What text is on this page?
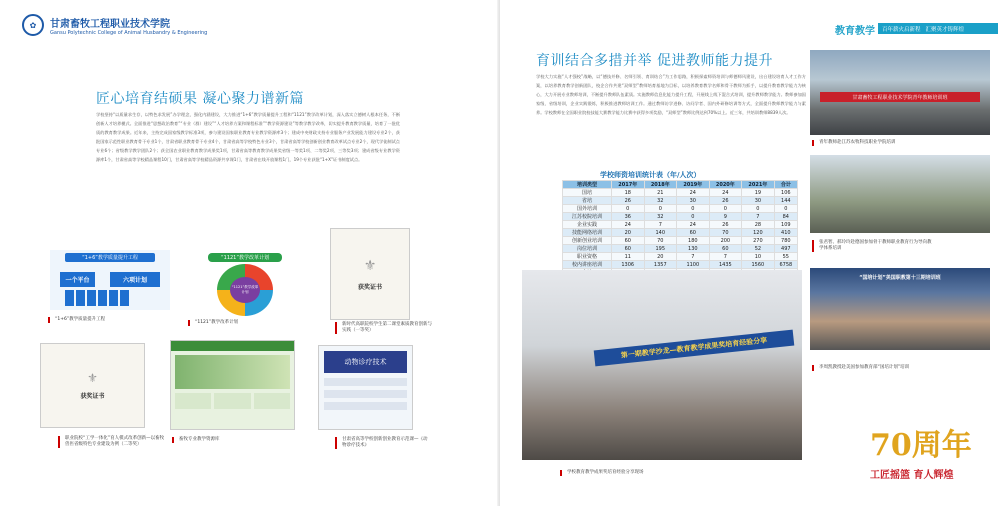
✿	甘肃畜牧工程职业技术学院
Gansu Polytechnic College of Animal Husbandry & Engineering
匠心培育结硕果 凝心聚力谱新篇
学校坚持“以质量求生存，以特色求发展”办学理念，强化内涵建设，大力推进“1+6”教学质量提升工程和“1121”教学改革计划，深入落实立德树人根本任务，不断创新人才培养模式。全面推进“思想政治教育”“专业（群）建设”“人才培养方案和课程标准”“教学资源建设”等教学教学改革，切实提升教育教学质量，培育了一批优质的教育教学成果。近年来，主持完成国家级教学标准3项，参与建设国家职业教育专业教学资源库3个；建成中央财政支持专业服务产业发展能力建设专业2个，获批国家示范性职业教育骨干专业1个，甘肃省职业教育骨干专业4个，甘肃省高等学校特色专业3个，甘肃省高等学校创新创业教育改革试点专业2个，现代学徒制试点专业6个；省级教学教学团队2个；获全国农业职业教育教学成果奖1项，甘肃省高等教育教学成果奖省级一等奖1项、二等奖2项、三等奖3项；建成省级专业教学资源库1个，甘肃省高等学校精品课程10门，甘肃省高等学校精品资源共享课1门，甘肃省在线开放课程1门，19个专业获批“1+X”证书制度试点。
“1+6”教学质量提升工程
一个平台	六项计划
“1+6”教学质量提升工程
“1121”教学改革计划
“1121”教学改革计划
“1121”教学改革计划
⚜
获奖证书
新时代高职院校学生第二课堂素质教育创新与实践（一等奖）
⚜
获奖证书
职业院校“工学一体化”育人模式改革创新—以畜牧兽医省级特色专业建设为例（二等奖）
畜牧专业教学资源库
动物诊疗技术
甘肃省高等学校创新创业教育示范课—《动物诊疗技术》
教育教学 百年薪火启新程 汇聚英才铸辉煌
育训结合多措并举 促进教师能力提升
学校大力实施“人才强校”战略，以“德技并修、名师引领、育训结合”为工作思路，积极探索师资培训与师德师风建设，出台建设培育人才工作方案，以培养教育教学创新团队，校企合作共建“双师型”教师培育基地为目标，以培养教育教学名师和骨干教师为抓手，以提升教育教学能力为核心，大力开展专业教师培训，不断提升教师队伍素质。实施教师信息化能力提升工程，开展线上线下混合式培训，提升教师教学能力。教师参加国家级、省级培训，企业实践锻炼，积极推进教师培训工作。通过教师访学进修、访问学者、国内外研修培训等方式，全面提升教师教学能力与素养。学校教师在全国职业院校技能大赛教学能力比赛中获得多项奖励，“双师型”教师比例达到70%以上。近三年，共培训教师8839人次。
学校师资培训统计表（年/人次）
培训类型	2017年	2018年	2019年	2020年	2021年	合计
国培	18	21	24	24	19	106
省培	26	32	30	26	30	144
国外培训	0	0	0	0	0	0
江苏校院培训	36	32	0	9	7	84
企业实践	24	7	24	26	28	109
技能网络培训	20	140	60	70	120	410
创新创业培训	60	70	180	200	270	780
岗位培训	60	195	130	60	52	497
职业资格	11	20	7	7	10	55
校内讲座培训	1306	1357	1100	1435	1560	6758

甘肃畜牧工程职业技术学院青年教师培训班
青年教师赴江苏农牧科技职业学院培训
张君智、郝玲玲赴德国参加骨干教师职业教育行为导向教学体系培训
“国培计划”美国职教第十三期培训班
李周凯教授赴美国参加教育部“国培计划”培训
第一期教学沙龙—教育教学成果奖培育经验分享
学校教育教学成果奖培育经验分享现场
70周年
工匠摇篮 育人辉煌
